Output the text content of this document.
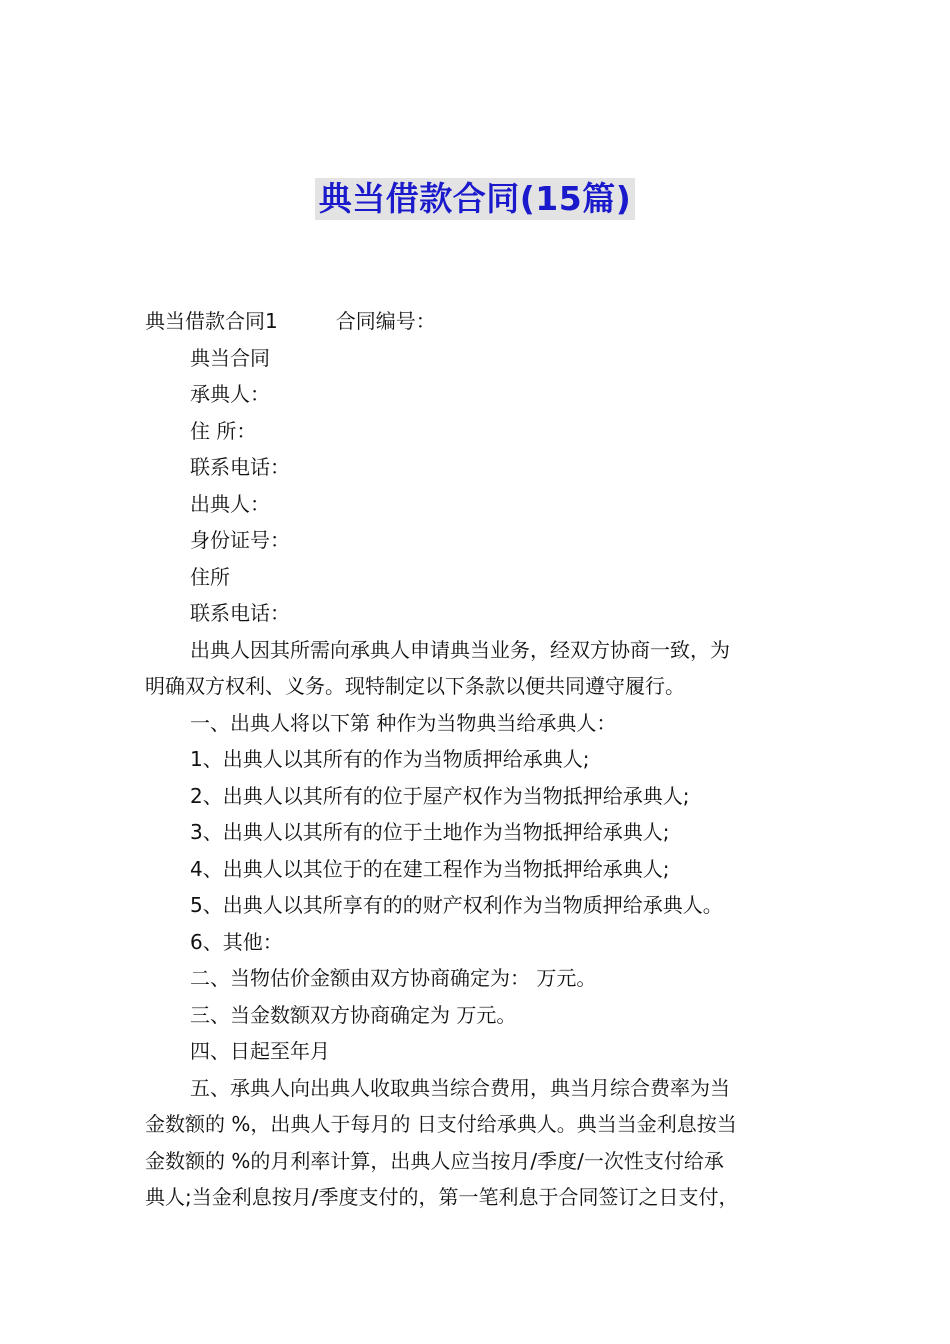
典当借款合同(15篇)
典当借款合同1	合同编号：
典当合同
承典人：
住 所：
联系电话：
出典人：
身份证号：
住所
联系电话：
出典人因其所需向承典人申请典当业务，经双方协商一致，为
明确双方权利、义务。现特制定以下条款以便共同遵守履行。
一、出典人将以下第 种作为当物典当给承典人：
1、出典人以其所有的作为当物质押给承典人;
2、出典人以其所有的位于屋产权作为当物抵押给承典人;
3、出典人以其所有的位于土地作为当物抵押给承典人;
4、出典人以其位于的在建工程作为当物抵押给承典人;
5、出典人以其所享有的的财产权利作为当物质押给承典人。
6、其他：
二、当物估价金额由双方协商确定为： 万元。
三、当金数额双方协商确定为 万元。
四、日起至年月
五、承典人向出典人收取典当综合费用，典当月综合费率为当
金数额的 %，出典人于每月的 日支付给承典人。典当当金利息按当
金数额的 %的月利率计算，出典人应当按月/季度/一次性支付给承
典人;当金利息按月/季度支付的，第一笔利息于合同签订之日支付，
